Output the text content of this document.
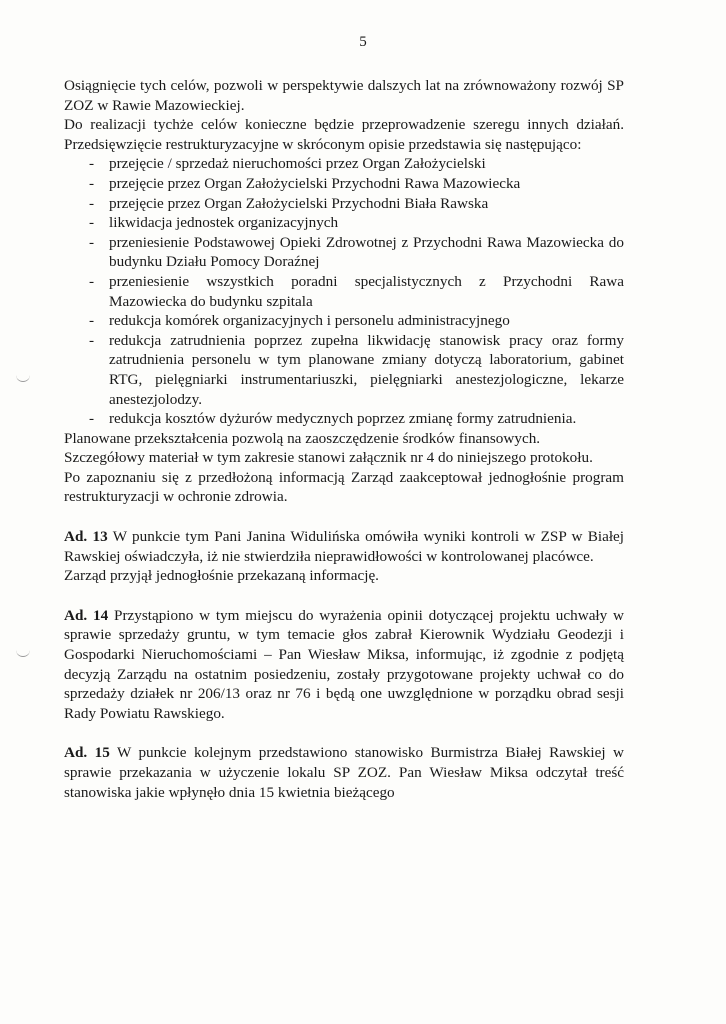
5
Osiągnięcie tych celów, pozwoli w perspektywie dalszych lat na zrównoważony rozwój SP ZOZ w Rawie Mazowieckiej.
Do realizacji tychże celów konieczne będzie przeprowadzenie szeregu innych działań. Przedsięwzięcie restrukturyzacyjne w skróconym opisie przedstawia się następująco:
- przejęcie / sprzedaż nieruchomości przez Organ Założycielski
- przejęcie przez Organ Założycielski Przychodni Rawa Mazowiecka
- przejęcie przez Organ Założycielski Przychodni Biała Rawska
- likwidacja jednostek organizacyjnych
- przeniesienie Podstawowej Opieki Zdrowotnej z Przychodni Rawa Mazowiecka do budynku Działu Pomocy Doraźnej
- przeniesienie wszystkich poradni specjalistycznych z Przychodni Rawa Mazowiecka do budynku szpitala
- redukcja komórek organizacyjnych i personelu administracyjnego
- redukcja zatrudnienia poprzez zupełna likwidację stanowisk pracy oraz formy zatrudnienia personelu w tym planowane zmiany dotyczą laboratorium, gabinet RTG, pielęgniarki instrumentariuszki, pielęgniarki anestezjologiczne, lekarze anestezjolodzy.
- redukcja kosztów dyżurów medycznych poprzez zmianę formy zatrudnienia.
Planowane przekształcenia pozwolą na zaoszczędzenie środków finansowych.
Szczegółowy materiał w tym zakresie stanowi załącznik nr 4 do niniejszego protokołu.
Po zapoznaniu się z przedłożoną informacją Zarząd zaakceptował jednogłośnie program restrukturyzacji w ochronie zdrowia.
Ad. 13 W punkcie tym Pani Janina Widulińska omówiła wyniki kontroli w ZSP w Białej Rawskiej oświadczyła, iż nie stwierdziła nieprawidłowości w kontrolowanej placówce.
Zarząd przyjął jednogłośnie przekazaną informację.
Ad. 14 Przystąpiono w tym miejscu do wyrażenia opinii dotyczącej projektu uchwały w sprawie sprzedaży gruntu, w tym temacie głos zabrał Kierownik Wydziału Geodezji i Gospodarki Nieruchomościami – Pan Wiesław Miksa, informując, iż zgodnie z podjętą decyzją Zarządu na ostatnim posiedzeniu, zostały przygotowane projekty uchwał co do sprzedaży działek nr 206/13 oraz nr 76 i będą one uwzględnione w porządku obrad sesji Rady Powiatu Rawskiego.
Ad. 15 W punkcie kolejnym przedstawiono stanowisko Burmistrza Białej Rawskiej w sprawie przekazania w użyczenie lokalu SP ZOZ. Pan Wiesław Miksa odczytał treść stanowiska jakie wpłynęło dnia 15 kwietnia bieżącego
